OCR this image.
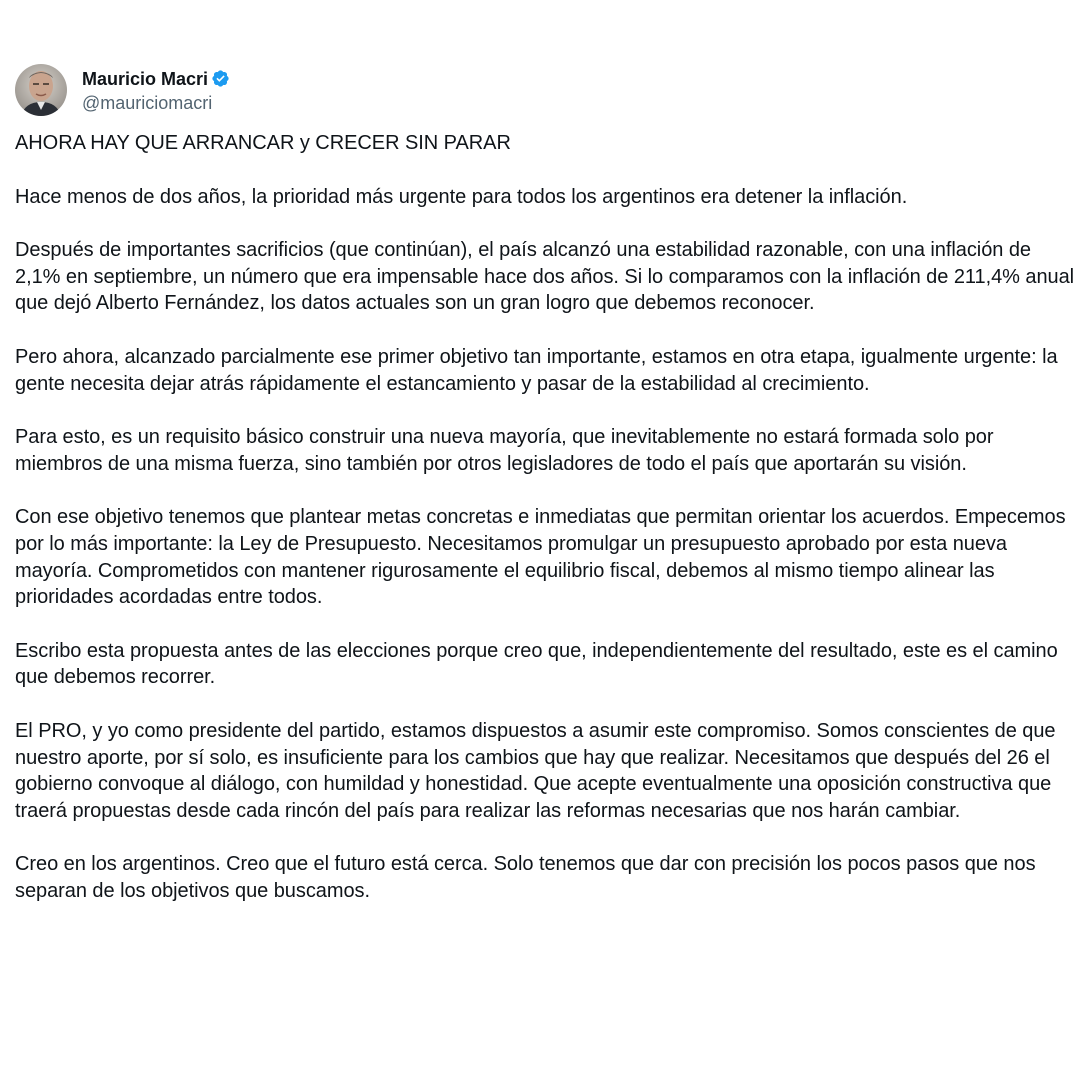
Mauricio Macri
@mauriciomacri

AHORA HAY QUE ARRANCAR y CRECER SIN PARAR

Hace menos de dos años, la prioridad más urgente para todos los argentinos era detener la inflación.

Después de importantes sacrificios (que continúan), el país alcanzó una estabilidad razonable, con una inflación de 2,1% en septiembre, un número que era impensable hace dos años. Si lo comparamos con la inflación de 211,4% anual que dejó Alberto Fernández, los datos actuales son un gran logro que debemos reconocer.

Pero ahora, alcanzado parcialmente ese primer objetivo tan importante, estamos en otra etapa, igualmente urgente: la gente necesita dejar atrás rápidamente el estancamiento y pasar de la estabilidad al crecimiento.

Para esto, es un requisito básico construir una nueva mayoría, que inevitablemente no estará formada solo por miembros de una misma fuerza, sino también por otros legisladores de todo el país que aportarán su visión.

Con ese objetivo tenemos que plantear metas concretas e inmediatas que permitan orientar los acuerdos. Empecemos por lo más importante: la Ley de Presupuesto. Necesitamos promulgar un presupuesto aprobado por esta nueva mayoría. Comprometidos con mantener rigurosamente el equilibrio fiscal, debemos al mismo tiempo alinear las prioridades acordadas entre todos.

Escribo esta propuesta antes de las elecciones porque creo que, independientemente del resultado, este es el camino que debemos recorrer.

El PRO, y yo como presidente del partido, estamos dispuestos a asumir este compromiso. Somos conscientes de que nuestro aporte, por sí solo, es insuficiente para los cambios que hay que realizar. Necesitamos que después del 26 el gobierno convoque al diálogo, con humildad y honestidad. Que acepte eventualmente una oposición constructiva que traerá propuestas desde cada rincón del país para realizar las reformas necesarias que nos harán cambiar.

Creo en los argentinos. Creo que el futuro está cerca. Solo tenemos que dar con precisión los pocos pasos que nos separan de los objetivos que buscamos.
